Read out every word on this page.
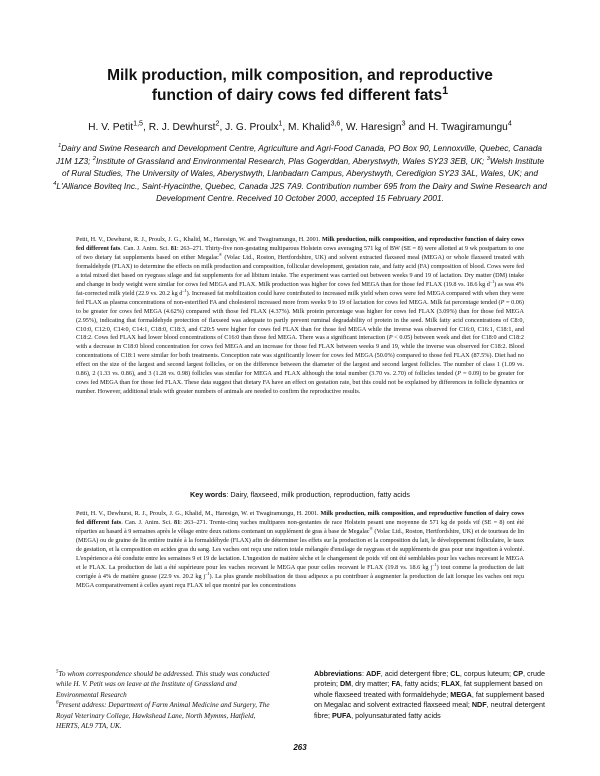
Milk production, milk composition, and reproductive
function of dairy cows fed different fats$^1$
H. V. Petit$^{1,5}$, R. J. Dewhurst$^2$, J. G. Proulx$^1$, M. Khalid$^{3,6}$, W. Haresign$^3$ and H. Twagiramungu$^4$
$^1$Dairy and Swine Research and Development Centre, Agriculture and Agri-Food Canada, PO Box 90, Lennoxville, Quebec, Canada J1M 1Z3; $^2$Institute of Grassland and Environmental Research, Plas Gogerddan, Aberystwyth, Wales SY23 3EB, UK; $^3$Welsh Institute of Rural Studies, The University of Wales, Aberystwyth, Llanbadarn Campus, Aberystwyth, Ceredigion SY23 3AL, Wales, UK; and $^4$L'Alliance Boviteq Inc., Saint-Hyacinthe, Quebec, Canada J2S 7A9. Contribution number 695 from the Dairy and Swine Research and Development Centre. Received 10 October 2000, accepted 15 February 2001.

Petit, H. V., Dewhurst, R. J., Proulx, J. G., Khalid, M., Haresign, W. and Twagiramungu, H. 2001. Milk production, milk composition, and reproductive function of dairy cows fed different fats. Can. J. Anim. Sci. 81: 263–271. Thirty-five non-gestating multiparous Holstein cows averaging 571 kg of BW (SE = 8) were allotted at 9 wk postpartum to one of two dietary fat supplements based on either Megalac® (Volac Ltd., Roston, Hertfordshire, UK) and solvent extracted flaxseed meal (MEGA) or whole flaxseed treated with formaldehyde (FLAX) to determine the effects on milk production and composition, follicular development, gestation rate, and fatty acid (FA) composition of blood. Cows were fed a total mixed diet based on ryegrass silage and fat supplements for ad libitum intake. The experiment was carried out between weeks 9 and 19 of lactation. Dry matter (DM) intake and change in body weight were similar for cows fed MEGA and FLAX. Milk production was higher for cows fed MEGA than for those fed FLAX (19.8 vs. 18.6 kg $d^{-1}$) as was 4% fat-corrected milk yield (22.9 vs. 20.2 kg $d^{-1}$). Increased fat mobilization could have contributed to increased milk yield when cows were fed MEGA compared with when they were fed FLAX as plasma concentrations of non-esterified FA and cholesterol increased more from weeks 9 to 19 of lactation for cows fed MEGA. Milk fat percentage tended (P = 0.06) to be greater for cows fed MEGA (4.62%) compared with those fed FLAX (4.37%). Milk protein percentage was higher for cows fed FLAX (3.09%) than for those fed MEGA (2.95%), indicating that formaldehyde protection of flaxseed was adequate to partly prevent ruminal degradability of protein in the seed. Milk fatty acid concentrations of C8:0, C10:0, C12:0, C14:0, C14:1, C18:0, C18:3, and C20:5 were higher for cows fed FLAX than for those fed MEGA while the inverse was observed for C16:0, C16:1, C18:1, and C18:2. Cows fed FLAX had lower blood concentrations of C16:0 than those fed MEGA. There was a significant interaction (P < 0.05) between week and diet for C18:0 and C18:2 with a decrease in C18:0 blood concentration for cows fed MEGA and an increase for those fed FLAX between weeks 9 and 19, while the inverse was observed for C18:2. Blood concentrations of C18:1 were similar for both treatments. Conception rate was significantly lower for cows fed MEGA (50.0%) compared to those fed FLAX (87.5%). Diet had no effect on the size of the largest and second largest follicles, or on the difference between the diameter of the largest and second largest follicles. The number of class 1 (1.09 vs. 0.86), 2 (1.33 vs. 0.86), and 3 (1.28 vs. 0.98) follicles was similar for MEGA and FLAX although the total number (3.70 vs. 2.70) of follicles tended (P = 0.09) to be greater for cows fed MEGA than for those fed FLAX. These data suggest that dietary FA have an effect on gestation rate, but this could not be explained by differences in follicle dynamics or number. However, additional trials with greater numbers of animals are needed to confirm the reproductive results.

Key words: Dairy, flaxseed, milk production, reproduction, fatty acids

Petit, H. V., Dewhurst, R. J., Proulx, J. G., Khalid, M., Haresign, W. et Twagiramungu, H. 2001. Milk production, milk composition, and reproductive function of dairy cows fed different fats. Can. J. Anim. Sci. 81: 263–271. Trente-cinq vaches multipares non-gestantes de race Holstein pesant une moyenne de 571 kg de poids vif (SE = 8) ont été réparties au hasard à 9 semaines après le vêlage entre deux rations contenant un supplément de gras à base de Megalac® (Volac Ltd., Roston, Hertfordshire, UK) et de tourteau de lin (MEGA) ou de graine de lin entière traitée à la formaldéhyde (FLAX) afin de déterminer les effets sur la production et la composition du lait, le développement folliculaire, le taux de gestation, et la composition en acides gras du sang. Les vaches ont reçu une ration totale mélangée d'ensilage de raygrass et de suppléments de gras pour une ingestion à volonté. L'expérience a été conduite entre les semaines 9 et 19 de lactation. L'ingestion de matière sèche et le changement de poids vif ont été semblables pour les vaches recevant le MEGA et le FLAX. La production de lait a été supérieure pour les vaches recevant le MEGA que pour celles recevant le FLAX (19.8 vs. 18.6 kg $j^{-1}$) tout comme la production de lait corrigée à 4% de matière grasse (22.9 vs. 20.2 kg $j^{-1}$). La plus grande mobilisation de tissu adipeux a pu contribuer à augmenter la production de lait lorsque les vaches ont reçu MEGA comparativement à celles ayant reçu FLAX tel que montré par les concentrations

$^5$To whom correspondence should be addressed. This study was conducted while H. V. Petit was on leave at the Institute of Grassland and Environmental Research

$^6$Present address: Department of Farm Animal Medicine and Surgery, The Royal Veterinary College, Hawkshead Lane, North Mymms, Hatfield, HERTS, AL9 7TA, UK.

Abbreviations: ADF, acid detergent fibre; CL, corpus luteum; CP, crude protein; DM, dry matter; FA, fatty acids; FLAX, fat supplement based on whole flaxseed treated with formaldehyde; MEGA, fat supplement based on Megalac and solvent extracted flaxseed meal; NDF, neutral detergent fibre; PUFA, polyunsaturated fatty acids
263
